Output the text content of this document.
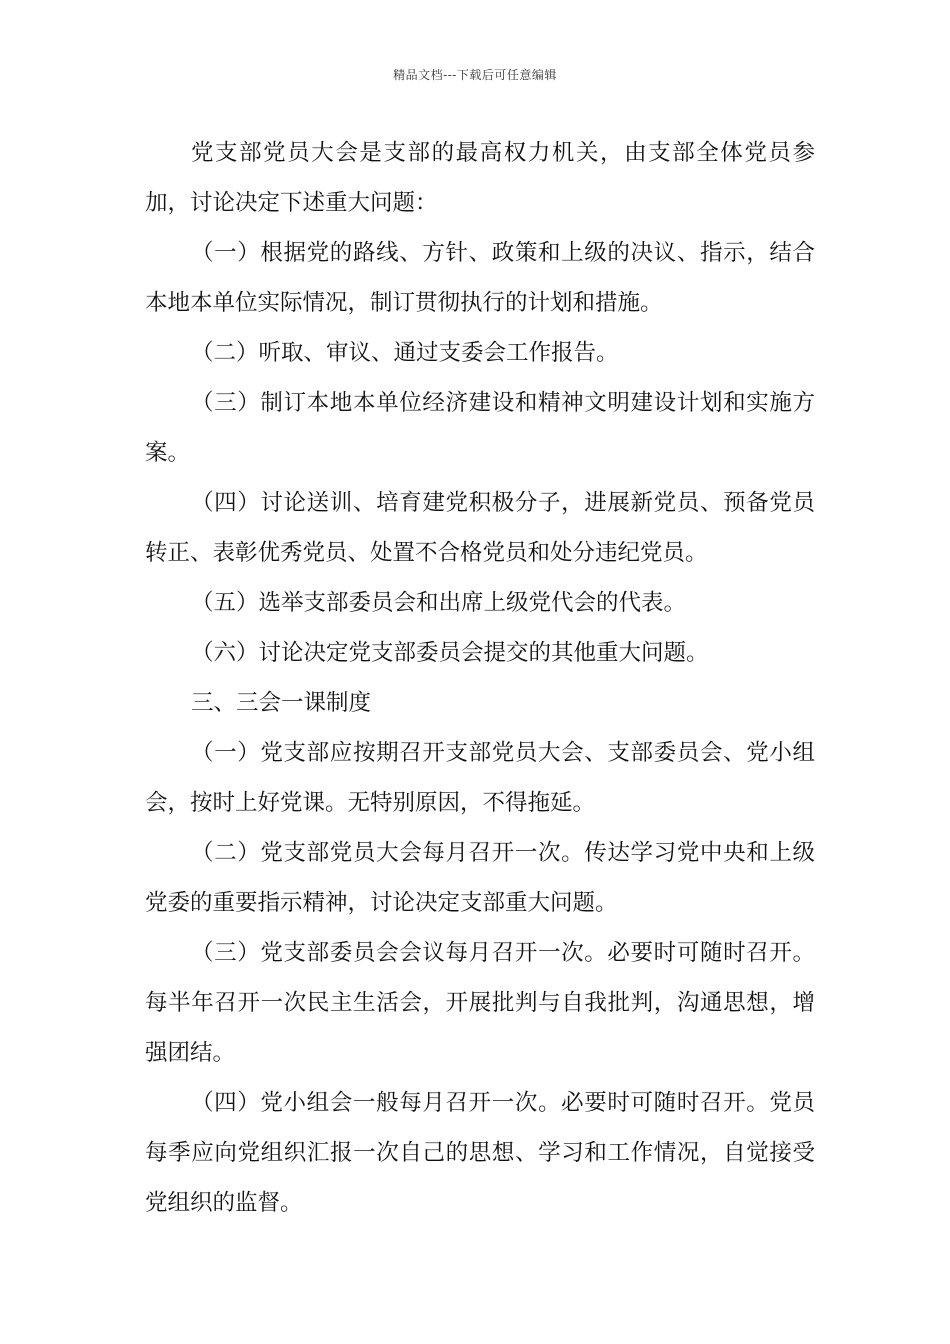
精品文档---下载后可任意编辑

党支部党员大会是支部的最高权力机关，由支部全体党员参加，讨论决定下述重大问题：

（一）根据党的路线、方针、政策和上级的决议、指示，结合本地本单位实际情况，制订贯彻执行的计划和措施。

（二）听取、审议、通过支委会工作报告。

（三）制订本地本单位经济建设和精神文明建设计划和实施方案。

（四）讨论送训、培育建党积极分子，进展新党员、预备党员转正、表彰优秀党员、处置不合格党员和处分违纪党员。

（五）选举支部委员会和出席上级党代会的代表。

（六）讨论决定党支部委员会提交的其他重大问题。

三、三会一课制度

（一）党支部应按期召开支部党员大会、支部委员会、党小组会，按时上好党课。无特别原因，不得拖延。

（二）党支部党员大会每月召开一次。传达学习党中央和上级党委的重要指示精神，讨论决定支部重大问题。

（三）党支部委员会会议每月召开一次。必要时可随时召开。每半年召开一次民主生活会，开展批判与自我批判，沟通思想，增强团结。

（四）党小组会一般每月召开一次。必要时可随时召开。党员每季应向党组织汇报一次自己的思想、学习和工作情况，自觉接受党组织的监督。
